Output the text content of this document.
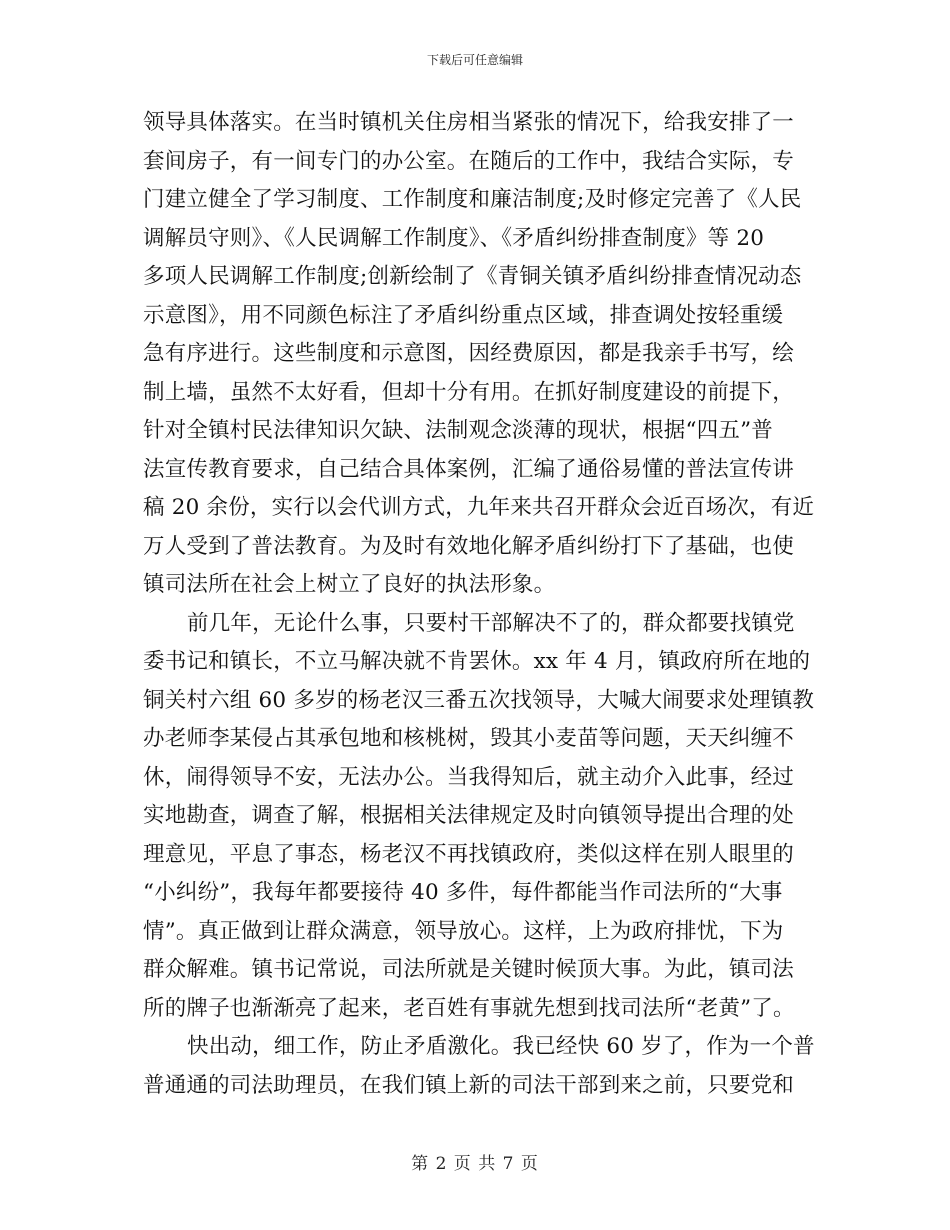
下载后可任意编辑
领导具体落实。在当时镇机关住房相当紧张的情况下，给我安排了一
套间房子，有一间专门的办公室。在随后的工作中，我结合实际，专
门建立健全了学习制度、工作制度和廉洁制度;及时修定完善了《人民
调解员守则》、《人民调解工作制度》、《矛盾纠纷排查制度》等 20
多项人民调解工作制度;创新绘制了《青铜关镇矛盾纠纷排查情况动态
示意图》，用不同颜色标注了矛盾纠纷重点区域，排查调处按轻重缓
急有序进行。这些制度和示意图，因经费原因，都是我亲手书写，绘
制上墙，虽然不太好看，但却十分有用。在抓好制度建设的前提下，
针对全镇村民法律知识欠缺、法制观念淡薄的现状，根据“四五”普
法宣传教育要求，自己结合具体案例，汇编了通俗易懂的普法宣传讲
稿 20 余份，实行以会代训方式，九年来共召开群众会近百场次，有近
万人受到了普法教育。为及时有效地化解矛盾纠纷打下了基础，也使
镇司法所在社会上树立了良好的执法形象。
前几年，无论什么事，只要村干部解决不了的，群众都要找镇党
委书记和镇长，不立马解决就不肯罢休。xx 年 4 月，镇政府所在地的
铜关村六组 60 多岁的杨老汉三番五次找领导，大喊大闹要求处理镇教
办老师李某侵占其承包地和核桃树，毁其小麦苗等问题，天天纠缠不
休，闹得领导不安，无法办公。当我得知后，就主动介入此事，经过
实地勘查，调查了解，根据相关法律规定及时向镇领导提出合理的处
理意见，平息了事态，杨老汉不再找镇政府，类似这样在别人眼里的
“小纠纷”，我每年都要接待 40 多件，每件都能当作司法所的“大事
情”。真正做到让群众满意，领导放心。这样，上为政府排忧，下为
群众解难。镇书记常说，司法所就是关键时候顶大事。为此，镇司法
所的牌子也渐渐亮了起来，老百姓有事就先想到找司法所“老黄”了。
快出动，细工作，防止矛盾激化。我已经快 60 岁了，作为一个普
普通通的司法助理员，在我们镇上新的司法干部到来之前，只要党和
第 2 页 共 7 页
